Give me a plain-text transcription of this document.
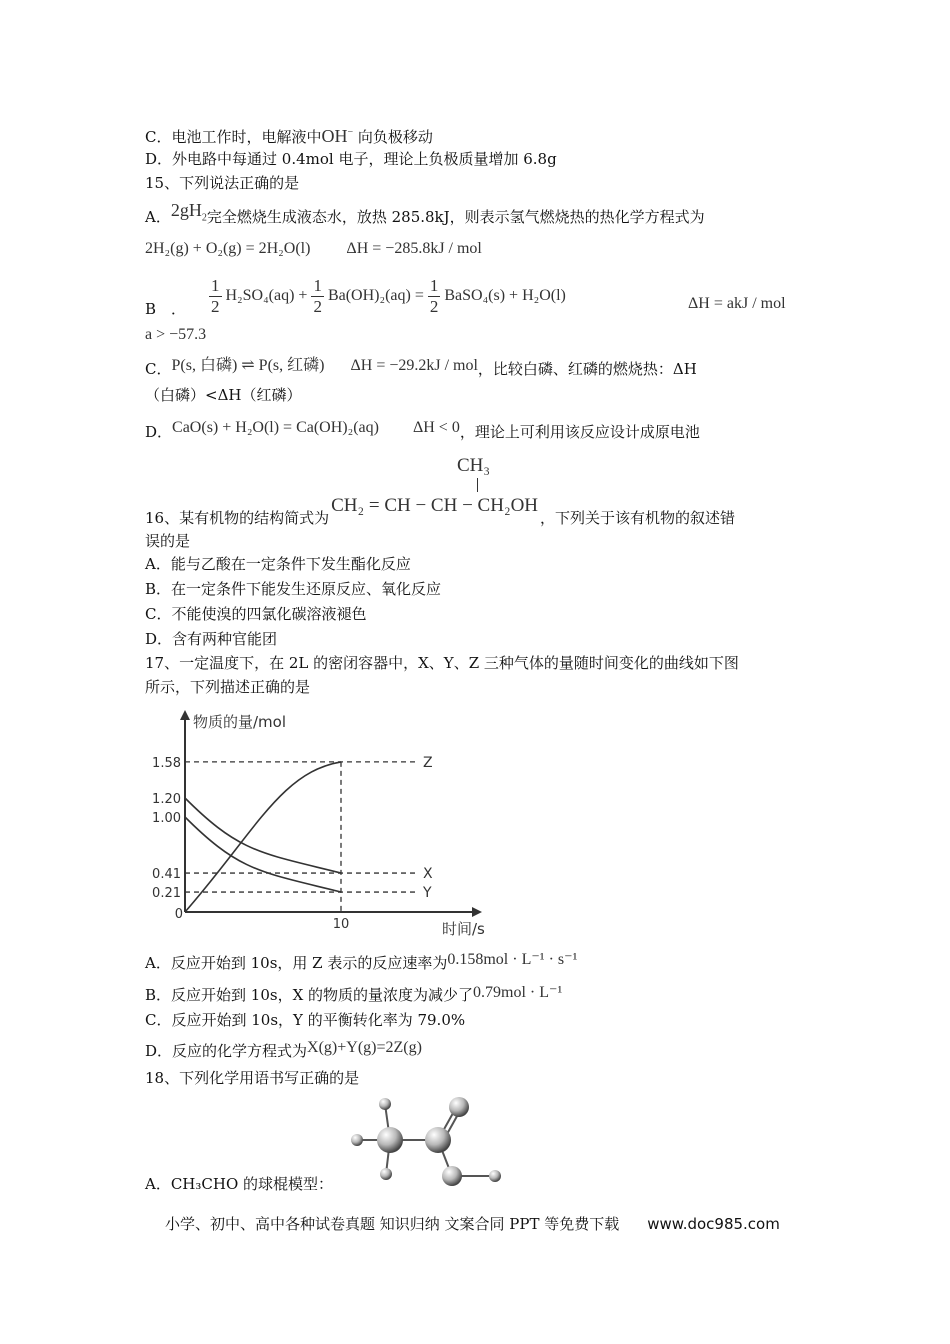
C．电池工作时，电解液中OH− 向负极移动
D．外电路中每通过 0.4mol 电子，理论上负极质量增加 6.8g
15、下列说法正确的是
A．$2gH_2$完全燃烧生成液态水，放热 285.8kJ，则表示氢气燃烧热的热化学方程式为
2H₂(g) + O₂(g) = 2H₂O(l) ΔH = −285.8kJ / mol

$\frac{1}{2} H_2SO_4(aq) + \frac{1}{2} Ba(OH)_2(aq) = \frac{1}{2}$ BaSO₄(s) + H₂O(l)
B　．	ΔH = akJ / mol
a > −57.3
C．P(s, 白磷) ⇌ P(s, 红磷) ΔH = −29.2kJ / mol，比较白磷、红磷的燃烧热：ΔH
（白磷）<ΔH（红磷）
D．CaO(s) + H₂O(l) = Ca(OH)₂(aq) ΔH < 0，理论上可利用该反应设计成原电池
CH₃
16、某有机物的结构简式为CH₂ = CH − CH − CH₂OH，下列关于该有机物的叙述错
误的是
A．能与乙酸在一定条件下发生酯化反应
B．在一定条件下能发生还原反应、氧化反应
C．不能使溴的四氯化碳溶液褪色
D．含有两种官能团
17、一定温度下，在 2L 的密闭容器中，X、Y、Z 三种气体的量随时间变化的曲线如下图
所示，下列描述正确的是
物质的量/mol
时间/s
0
10
0.21
0.41
1.00
1.20
1.58	Z
X
Y
A．反应开始到 10s，用 Z 表示的反应速率为0.158mol · L⁻¹ · s⁻¹
B．反应开始到 10s，X 的物质的量浓度为减少了0.79mol · L⁻¹
C．反应开始到 10s，Y 的平衡转化率为 79.0%
D．反应的化学方程式为X(g)+Y(g)=2Z(g)
18、下列化学用语书写正确的是
A．CH₃CHO 的球棍模型：
小学、初中、高中各种试卷真题 知识归纳 文案合同 PPT 等免费下载 www.doc985.com
